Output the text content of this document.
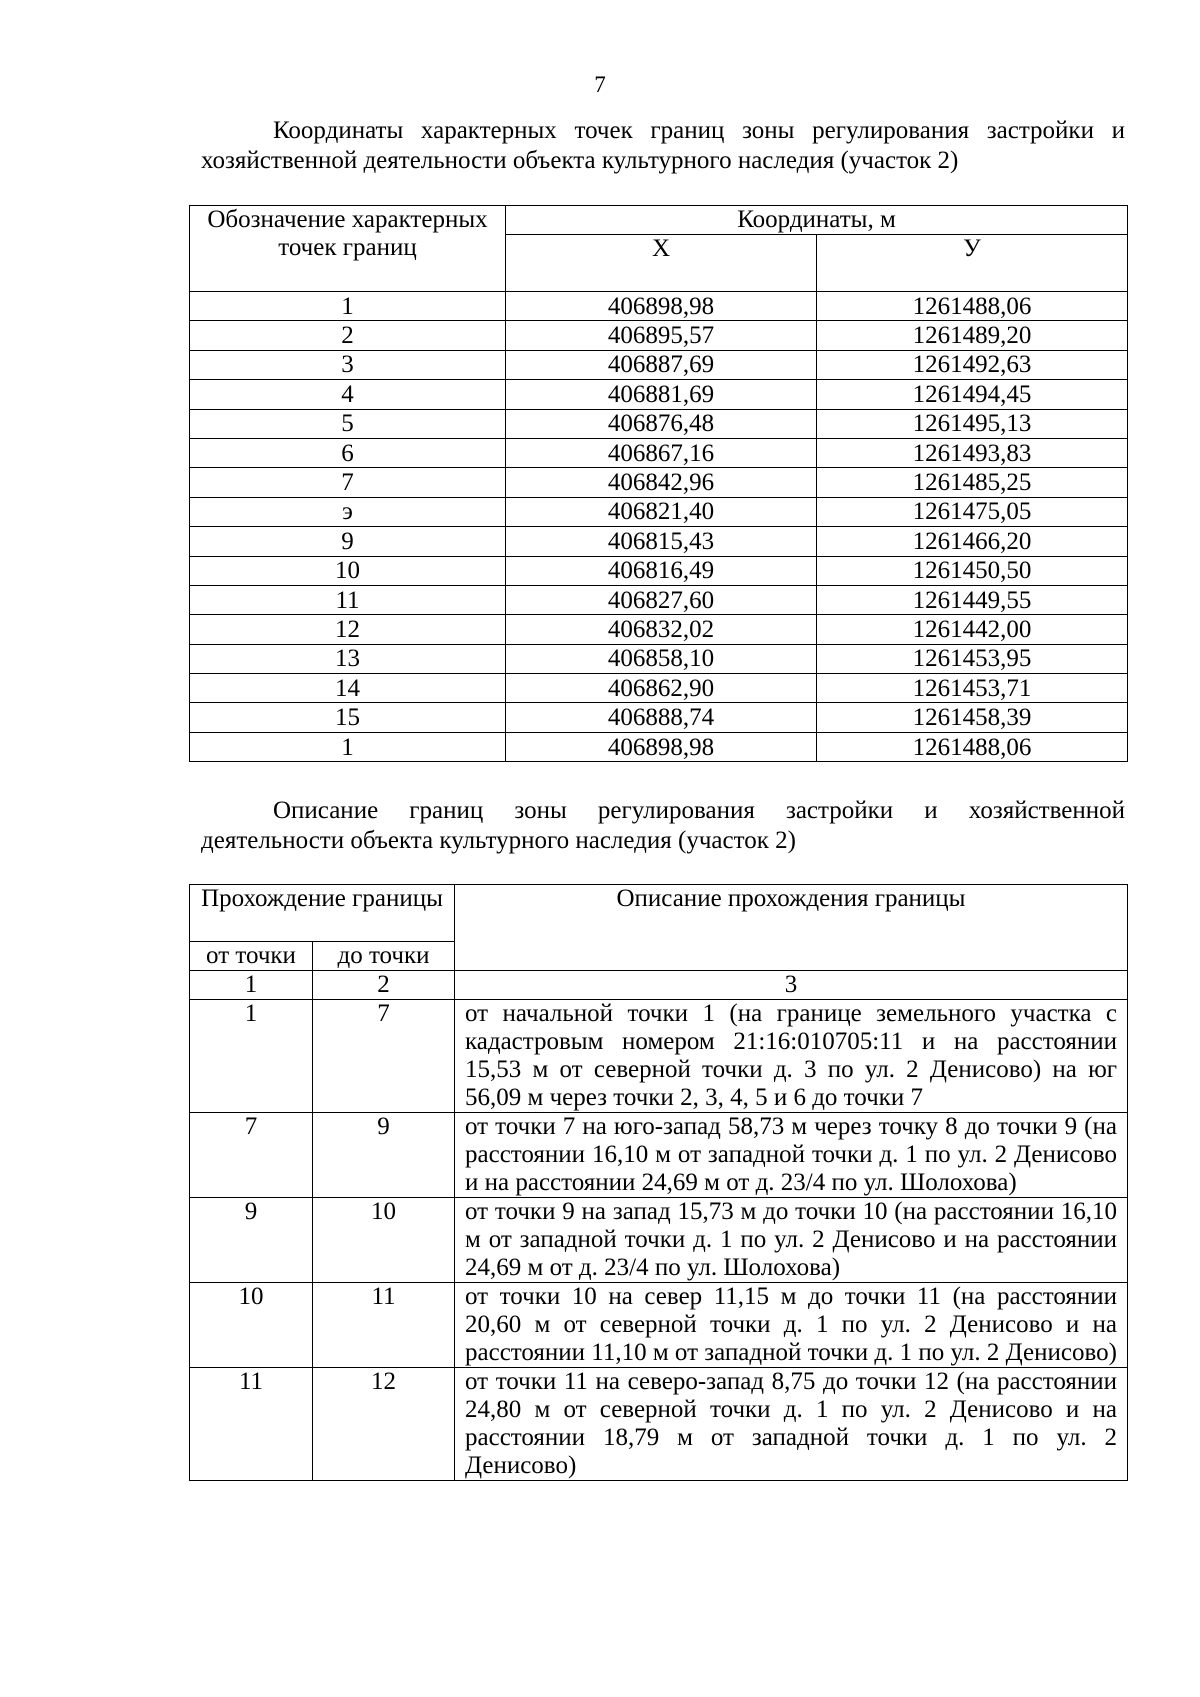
7
Координаты характерных точек границ зоны регулирования застройки и хозяйственной деятельности объекта культурного наследия (участок 2)
Обозначение характерных точек границ	Координаты, м	
	Х	У
1	406898,98	1261488,06
2	406895,57	1261489,20
3	406887,69	1261492,63
4	406881,69	1261494,45
5	406876,48	1261495,13
6	406867,16	1261493,83
7	406842,96	1261485,25
э	406821,40	1261475,05
9	406815,43	1261466,20
10	406816,49	1261450,50
11	406827,60	1261449,55
12	406832,02	1261442,00
13	406858,10	1261453,95
14	406862,90	1261453,71
15	406888,74	1261458,39
1	406898,98	1261488,06
Описание границ зоны регулирования застройки и хозяйственной деятельности объекта культурного наследия (участок 2)
Прохождение границы		Описание прохождения границы
от точки	до точки	
1	2	3
1	7	от начальной точки 1 (на границе земельного участка с кадастровым номером 21:16:010705:11 и на расстоянии 15,53 м от северной точки д. 3 по ул. 2 Денисово) на юг 56,09 м через точки 2, 3, 4, 5 и 6 до точки 7
7	9	от точки 7 на юго-запад 58,73 м через точку 8 до точки 9 (на расстоянии 16,10 м от западной точки д. 1 по ул. 2 Денисово и на расстоянии 24,69 м от д. 23/4 по ул. Шолохова)
9	10	от точки 9 на запад 15,73 м до точки 10 (на расстоянии 16,10 м от западной точки д. 1 по ул. 2 Денисово и на расстоянии 24,69 м от д. 23/4 по ул. Шолохова)
10	11	от точки 10 на север 11,15 м до точки 11 (на расстоянии 20,60 м от северной точки д. 1 по ул. 2 Денисово и на расстоянии 11,10 м от западной точки д. 1 по ул. 2 Денисово)
11	12	от точки 11 на северо-запад 8,75 до точки 12 (на расстоянии 24,80 м от северной точки д. 1 по ул. 2 Денисово и на расстоянии 18,79 м от западной точки д. 1 по ул. 2 Денисово)
